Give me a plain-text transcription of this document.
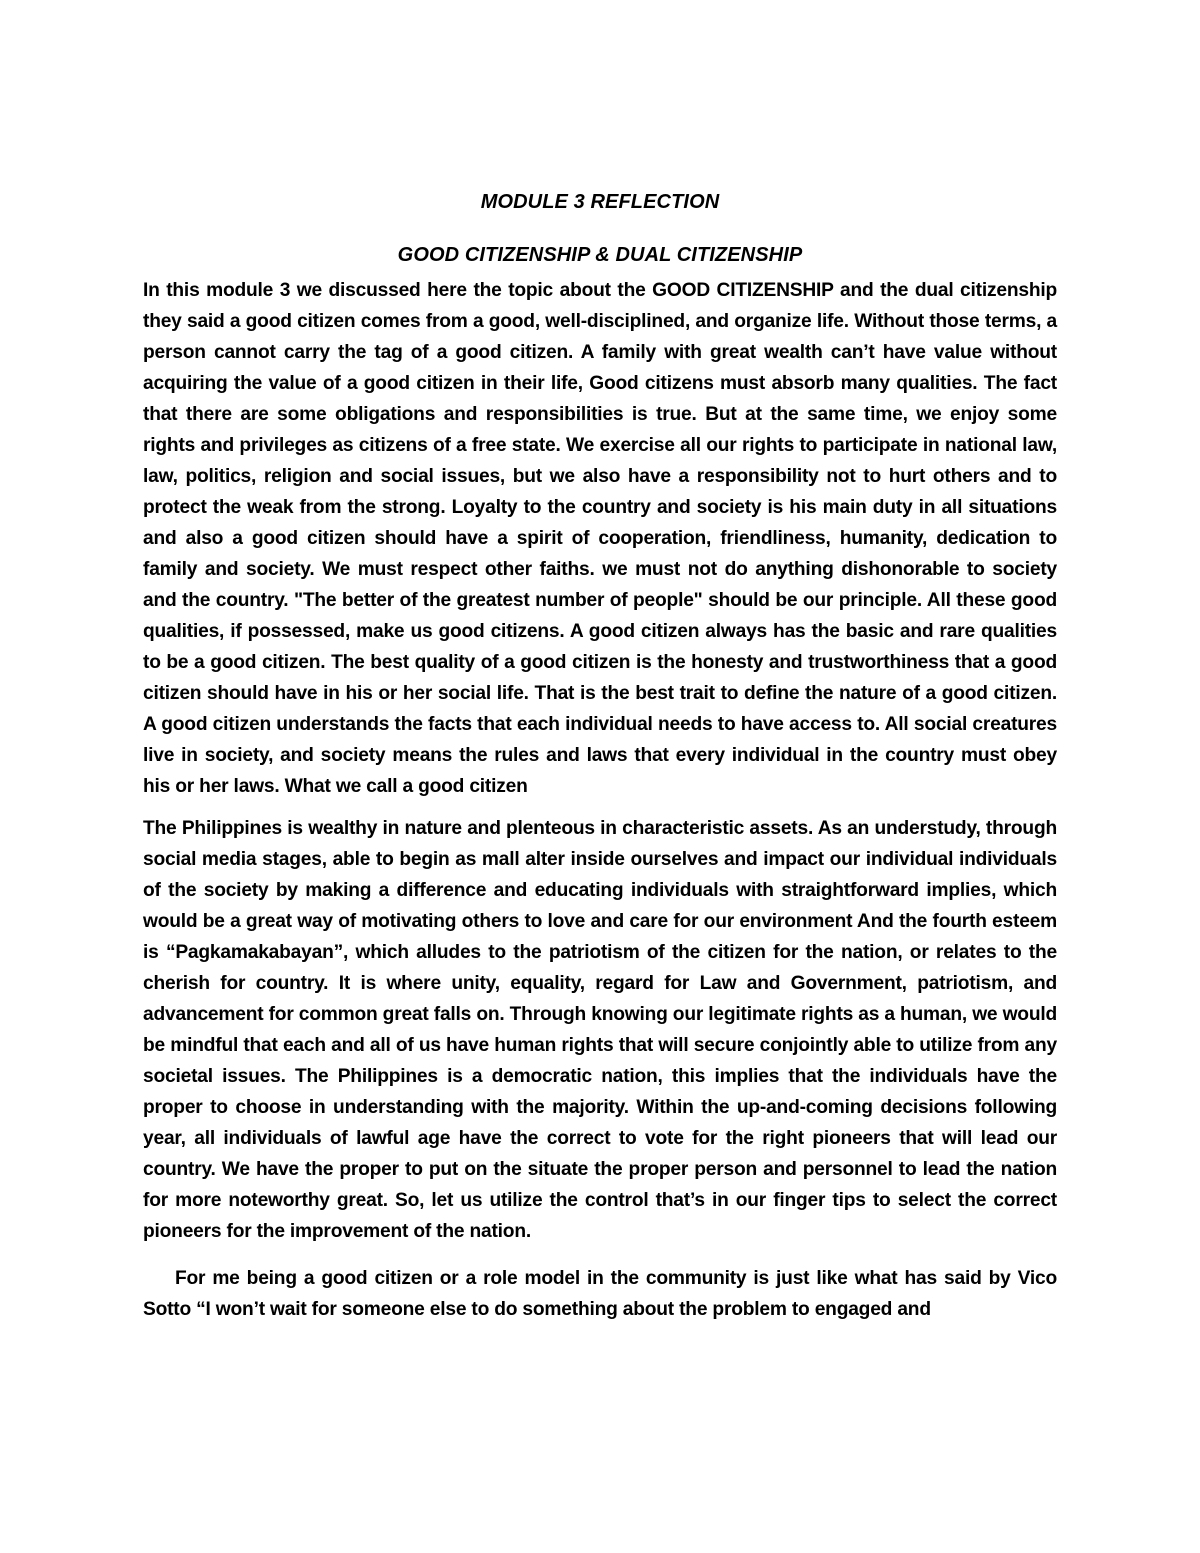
MODULE 3 REFLECTION
GOOD CITIZENSHIP & DUAL CITIZENSHIP

In this module 3 we discussed here the topic about the GOOD CITIZENSHIP and the dual citizenship they said a good citizen comes from a good, well-disciplined, and organize life. Without those terms, a person cannot carry the tag of a good citizen. A family with great wealth can’t have value without acquiring the value of a good citizen in their life, Good citizens must absorb many qualities. The fact that there are some obligations and responsibilities is true. But at the same time, we enjoy some rights and privileges as citizens of a free state. We exercise all our rights to participate in national law, law, politics, religion and social issues, but we also have a responsibility not to hurt others and to protect the weak from the strong. Loyalty to the country and society is his main duty in all situations and also a good citizen should have a spirit of cooperation, friendliness, humanity, dedication to family and society. We must respect other faiths. we must not do anything dishonorable to society and the country. "The better of the greatest number of people" should be our principle. All these good qualities, if possessed, make us good citizens. A good citizen always has the basic and rare qualities to be a good citizen. The best quality of a good citizen is the honesty and trustworthiness that a good citizen should have in his or her social life. That is the best trait to define the nature of a good citizen. A good citizen understands the facts that each individual needs to have access to. All social creatures live in society, and society means the rules and laws that every individual in the country must obey his or her laws. What we call a good citizen

The Philippines is wealthy in nature and plenteous in characteristic assets. As an understudy, through social media stages, able to begin as mall alter inside ourselves and impact our individual individuals of the society by making a difference and educating individuals with straightforward implies, which would be a great way of motivating others to love and care for our environment And the fourth esteem is “Pagkamakabayan”, which alludes to the patriotism of the citizen for the nation, or relates to the cherish for country. It is where unity, equality, regard for Law and Government, patriotism, and advancement for common great falls on. Through knowing our legitimate rights as a human, we would be mindful that each and all of us have human rights that will secure conjointly able to utilize from any societal issues. The Philippines is a democratic nation, this implies that the individuals have the proper to choose in understanding with the majority. Within the up-and-coming decisions following year, all individuals of lawful age have the correct to vote for the right pioneers that will lead our country. We have the proper to put on the situate the proper person and personnel to lead the nation for more noteworthy great. So, let us utilize the control that’s in our finger tips to select the correct pioneers for the improvement of the nation.

For me being a good citizen or a role model in the community is just like what has said by Vico Sotto “I won’t wait for someone else to do something about the problem to engaged and
